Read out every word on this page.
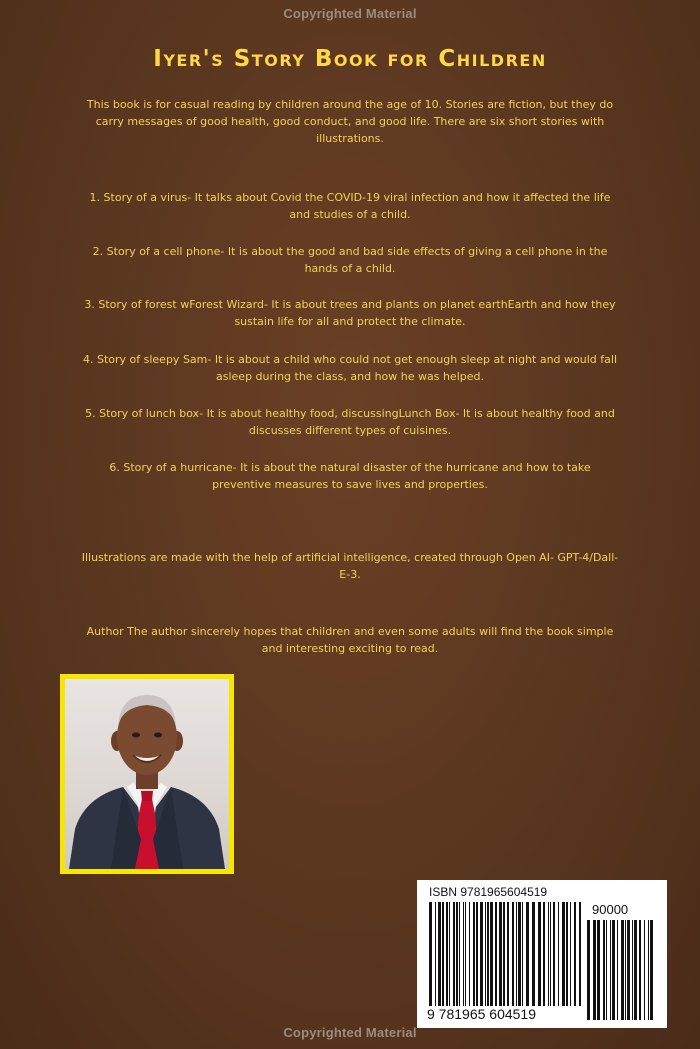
Copyrighted Material
Iyer's Story Book for Children
This book is for casual reading by children around the age of 10. Stories are fiction, but they do carry messages of good health, good conduct, and good life. There are six short stories with illustrations.
1. Story of a virus- It talks about Covid the COVID-19 viral infection and how it affected the life and studies of a child.
2. Story of a cell phone- It is about the good and bad side effects of giving a cell phone in the hands of a child.
3. Story of forest wForest Wizard- It is about trees and plants on planet earthEarth and how they sustain life for all and protect the climate.
4. Story of sleepy Sam- It is about a child who could not get enough sleep at night and would fall asleep during the class, and how he was helped.
5. Story of lunch box- It is about healthy food, discussingLunch Box- It is about healthy food and discusses different types of cuisines.
6. Story of a hurricane- It is about the natural disaster of the hurricane and how to take preventive measures to save lives and properties.
Illustrations are made with the help of artificial intelligence, created through Open AI- GPT-4/Dall-E-3.
Author The author sincerely hopes that children and even some adults will find the book simple and interesting exciting to read.
ISBN 9781965604519
90000
9 781965 604519
Copyrighted Material
